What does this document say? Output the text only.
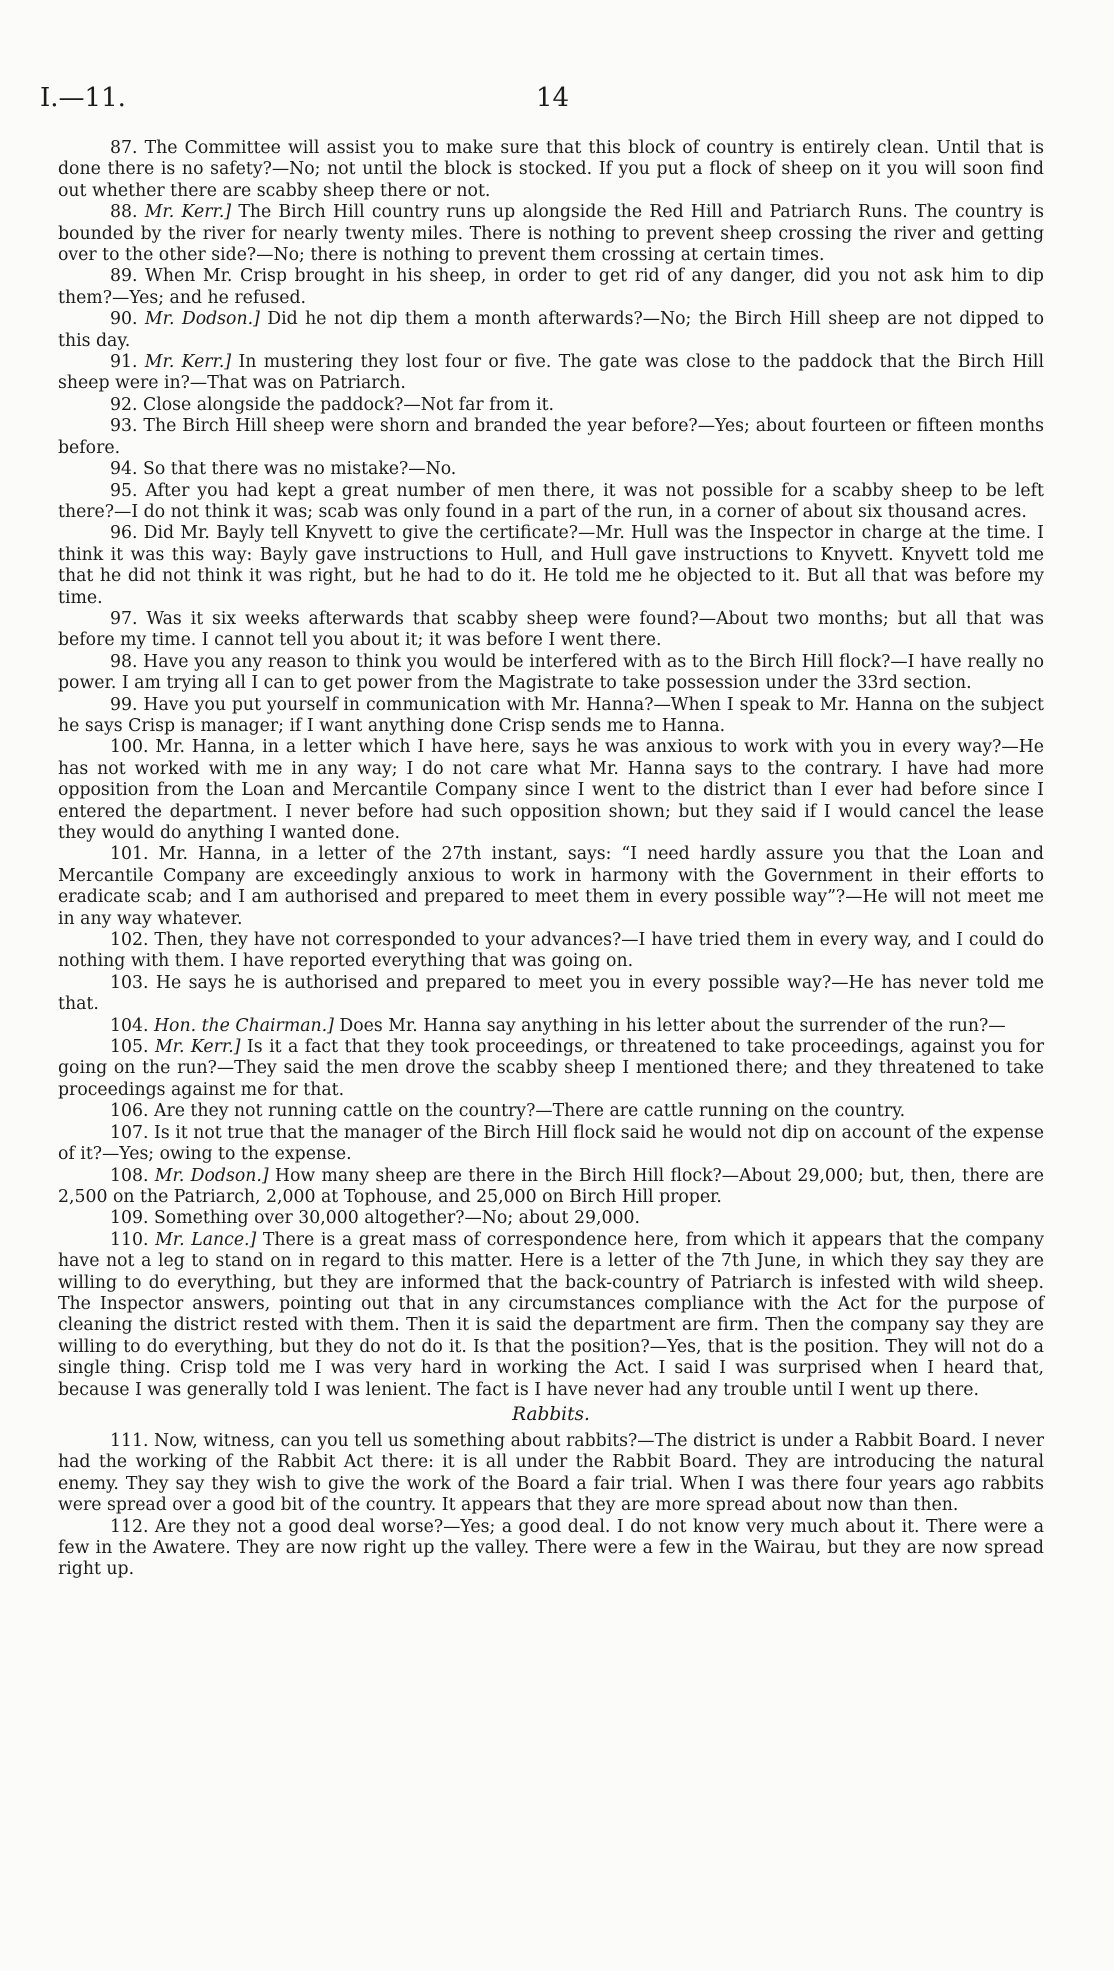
I.—11.	14

87. The Committee will assist you to make sure that this block of country is entirely clean. Until that is done there is no safety?—No; not until the block is stocked. If you put a flock of sheep on it you will soon find out whether there are scabby sheep there or not.

88. Mr. Kerr.] The Birch Hill country runs up alongside the Red Hill and Patriarch Runs. The country is bounded by the river for nearly twenty miles. There is nothing to prevent sheep crossing the river and getting over to the other side?—No; there is nothing to prevent them crossing at certain times.

89. When Mr. Crisp brought in his sheep, in order to get rid of any danger, did you not ask him to dip them?—Yes; and he refused.

90. Mr. Dodson.] Did he not dip them a month afterwards?—No; the Birch Hill sheep are not dipped to this day.

91. Mr. Kerr.] In mustering they lost four or five. The gate was close to the paddock that the Birch Hill sheep were in?—That was on Patriarch.

92. Close alongside the paddock?—Not far from it.

93. The Birch Hill sheep were shorn and branded the year before?—Yes; about fourteen or fifteen months before.

94. So that there was no mistake?—No.

95. After you had kept a great number of men there, it was not possible for a scabby sheep to be left there?—I do not think it was; scab was only found in a part of the run, in a corner of about six thousand acres.

96. Did Mr. Bayly tell Knyvett to give the certificate?—Mr. Hull was the Inspector in charge at the time. I think it was this way: Bayly gave instructions to Hull, and Hull gave instructions to Knyvett. Knyvett told me that he did not think it was right, but he had to do it. He told me he objected to it. But all that was before my time.

97. Was it six weeks afterwards that scabby sheep were found?—About two months; but all that was before my time. I cannot tell you about it; it was before I went there.

98. Have you any reason to think you would be interfered with as to the Birch Hill flock?—I have really no power. I am trying all I can to get power from the Magistrate to take possession under the 33rd section.

99. Have you put yourself in communication with Mr. Hanna?—When I speak to Mr. Hanna on the subject he says Crisp is manager; if I want anything done Crisp sends me to Hanna.

100. Mr. Hanna, in a letter which I have here, says he was anxious to work with you in every way?—He has not worked with me in any way; I do not care what Mr. Hanna says to the contrary. I have had more opposition from the Loan and Mercantile Company since I went to the district than I ever had before since I entered the department. I never before had such opposition shown; but they said if I would cancel the lease they would do anything I wanted done.

101. Mr. Hanna, in a letter of the 27th instant, says: “I need hardly assure you that the Loan and Mercantile Company are exceedingly anxious to work in harmony with the Government in their efforts to eradicate scab; and I am authorised and prepared to meet them in every possible way”?—He will not meet me in any way whatever.

102. Then, they have not corresponded to your advances?—I have tried them in every way, and I could do nothing with them. I have reported everything that was going on.

103. He says he is authorised and prepared to meet you in every possible way?—He has never told me that.

104. Hon. the Chairman.] Does Mr. Hanna say anything in his letter about the surrender of the run?—

105. Mr. Kerr.] Is it a fact that they took proceedings, or threatened to take proceedings, against you for going on the run?—They said the men drove the scabby sheep I mentioned there; and they threatened to take proceedings against me for that.

106. Are they not running cattle on the country?—There are cattle running on the country.

107. Is it not true that the manager of the Birch Hill flock said he would not dip on account of the expense of it?—Yes; owing to the expense.

108. Mr. Dodson.] How many sheep are there in the Birch Hill flock?—About 29,000; but, then, there are 2,500 on the Patriarch, 2,000 at Tophouse, and 25,000 on Birch Hill proper.

109. Something over 30,000 altogether?—No; about 29,000.

110. Mr. Lance.] There is a great mass of correspondence here, from which it appears that the company have not a leg to stand on in regard to this matter. Here is a letter of the 7th June, in which they say they are willing to do everything, but they are informed that the back-country of Patriarch is infested with wild sheep. The Inspector answers, pointing out that in any circumstances compliance with the Act for the purpose of cleaning the district rested with them. Then it is said the department are firm. Then the company say they are willing to do everything, but they do not do it. Is that the position?—Yes, that is the position. They will not do a single thing. Crisp told me I was very hard in working the Act. I said I was surprised when I heard that, because I was generally told I was lenient. The fact is I have never had any trouble until I went up there.

Rabbits.

111. Now, witness, can you tell us something about rabbits?—The district is under a Rabbit Board. I never had the working of the Rabbit Act there: it is all under the Rabbit Board. They are introducing the natural enemy. They say they wish to give the work of the Board a fair trial. When I was there four years ago rabbits were spread over a good bit of the country. It appears that they are more spread about now than then.

112. Are they not a good deal worse?—Yes; a good deal. I do not know very much about it. There were a few in the Awatere. They are now right up the valley. There were a few in the Wairau, but they are now spread right up.
